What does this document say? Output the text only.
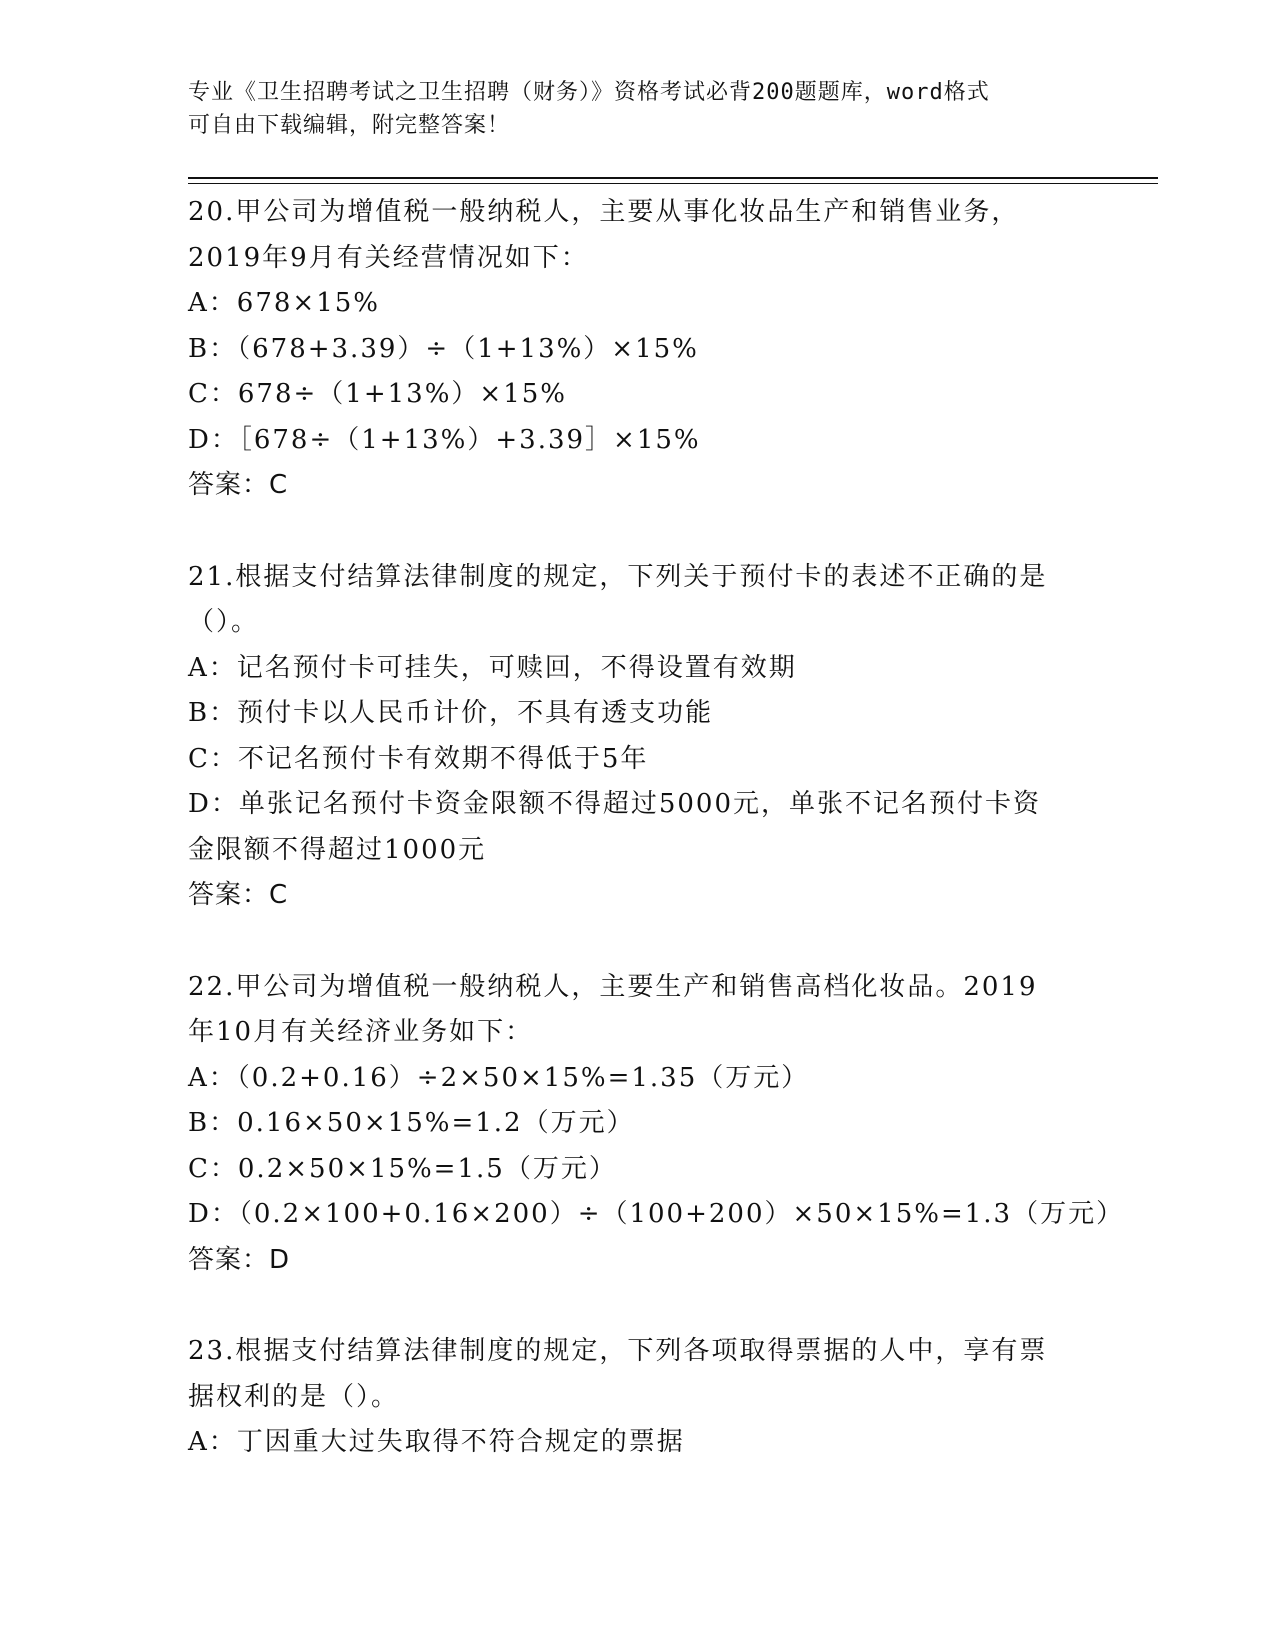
专业《卫生招聘考试之卫生招聘（财务）》资格考试必背200题题库，word格式
可自由下载编辑，附完整答案！
20.甲公司为增值税一般纳税人，主要从事化妆品生产和销售业务，
2019年9月有关经营情况如下：
A：678×15%
B：（678+3.39）÷（1+13%）×15%
C：678÷（1+13%）×15%
D：［678÷（1+13%）+3.39］×15%
答案：C
21.根据支付结算法律制度的规定，下列关于预付卡的表述不正确的是
（）。
A：记名预付卡可挂失，可赎回，不得设置有效期
B：预付卡以人民币计价，不具有透支功能
C：不记名预付卡有效期不得低于5年
D：单张记名预付卡资金限额不得超过5000元，单张不记名预付卡资
金限额不得超过1000元
答案：C
22.甲公司为增值税一般纳税人，主要生产和销售高档化妆品。2019
年10月有关经济业务如下：
A：（0.2+0.16）÷2×50×15%=1.35（万元）
B：0.16×50×15%=1.2（万元）
C：0.2×50×15%=1.5（万元）
D：（0.2×100+0.16×200）÷（100+200）×50×15%=1.3（万元）
答案：D
23.根据支付结算法律制度的规定，下列各项取得票据的人中，享有票
据权利的是（）。
A：丁因重大过失取得不符合规定的票据
